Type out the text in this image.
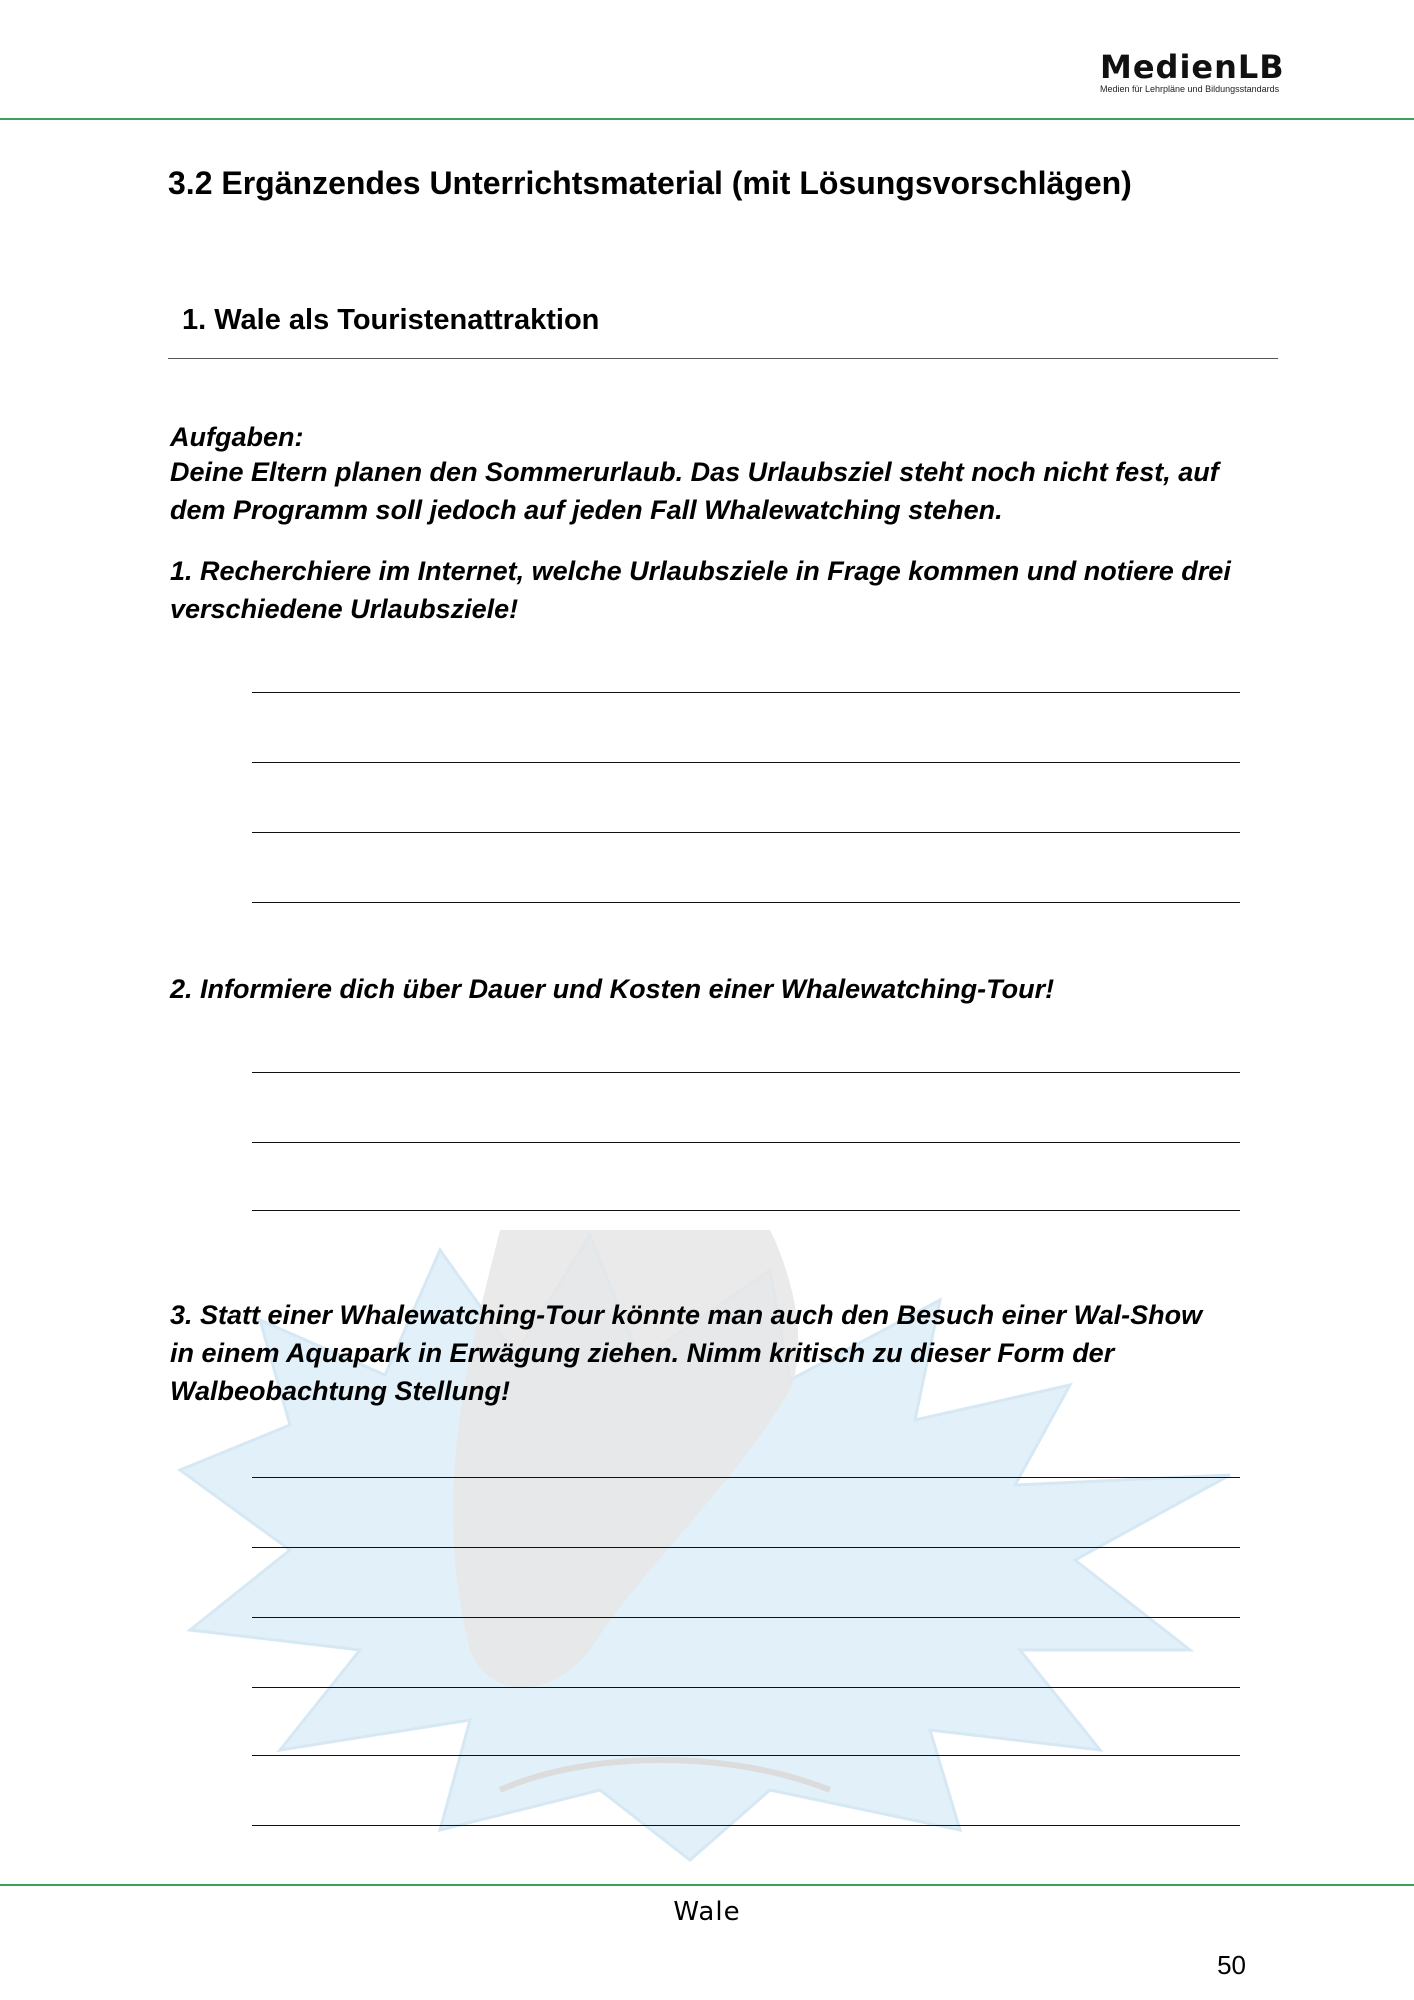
MedienLB
Medien für Lehrpläne und Bildungsstandards
3.2 Ergänzendes Unterrichtsmaterial (mit Lösungsvorschlägen)
1. Wale als Touristenattraktion

Aufgaben:

Deine Eltern planen den Sommerurlaub. Das Urlaubsziel steht noch nicht fest, auf dem Programm soll jedoch auf jeden Fall Whalewatching stehen.

1. Recherchiere im Internet, welche Urlaubsziele in Frage kommen und notiere drei verschiedene Urlaubsziele!

2. Informiere dich über Dauer und Kosten einer Whalewatching-Tour!

3. Statt einer Whalewatching-Tour könnte man auch den Besuch einer Wal-Show in einem Aquapark in Erwägung ziehen. Nimm kritisch zu dieser Form der Walbeobachtung Stellung!

Wale
50
